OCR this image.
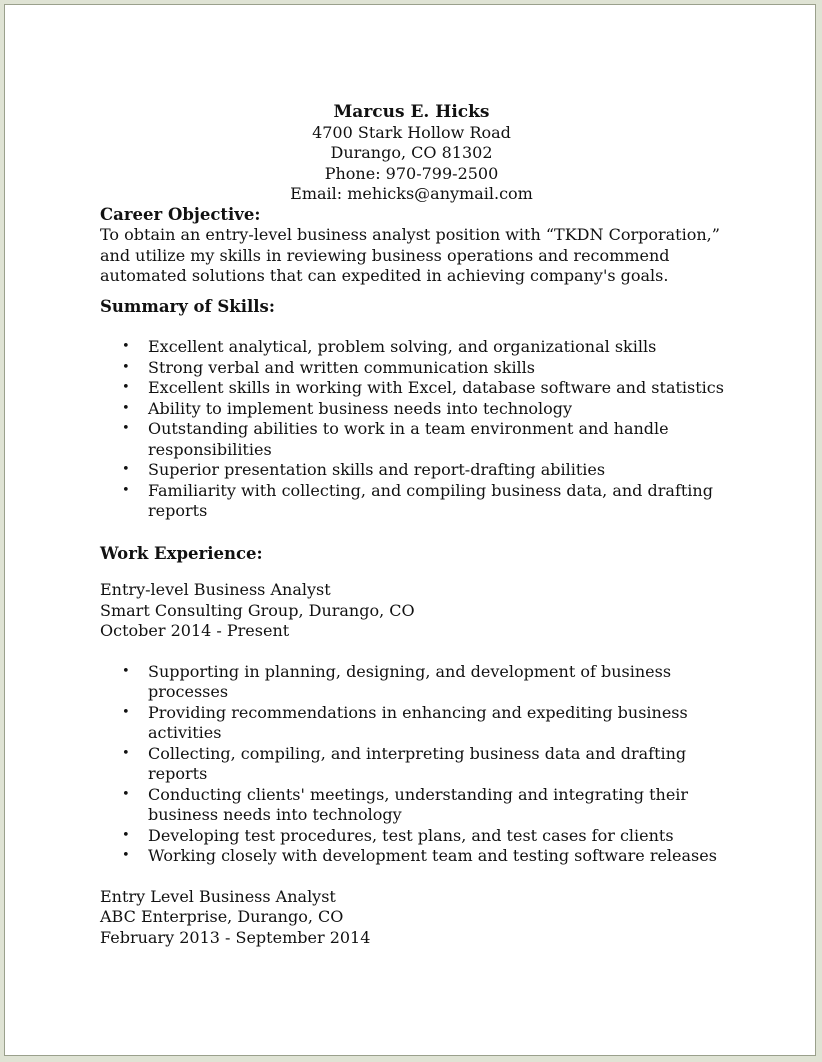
Marcus E. Hicks
4700 Stark Hollow Road
Durango, CO 81302
Phone: 970-799-2500
Email: mehicks@anymail.com
Career Objective:

To obtain an entry-level business analyst position with “TKDN Corporation,”

and utilize my skills in reviewing business operations and recommend

automated solutions that can expedited in achieving company's goals.

Summary of Skills:
• Excellent analytical, problem solving, and organizational skills
• Strong verbal and written communication skills
• Excellent skills in working with Excel, database software and statistics
• Ability to implement business needs into technology
• Outstanding abilities to work in a team environment and handle responsibilities
• Superior presentation skills and report-drafting abilities
• Familiarity with collecting, and compiling business data, and drafting reports
Work Experience:

Entry-level Business Analyst

Smart Consulting Group, Durango, CO

October 2014 - Present

• Supporting in planning, designing, and development of business processes
• Providing recommendations in enhancing and expediting business activities
• Collecting, compiling, and interpreting business data and drafting reports
• Conducting clients' meetings, understanding and integrating their business needs into technology
• Developing test procedures, test plans, and test cases for clients
• Working closely with development team and testing software releases

Entry Level Business Analyst

ABC Enterprise, Durango, CO

February 2013 - September 2014
